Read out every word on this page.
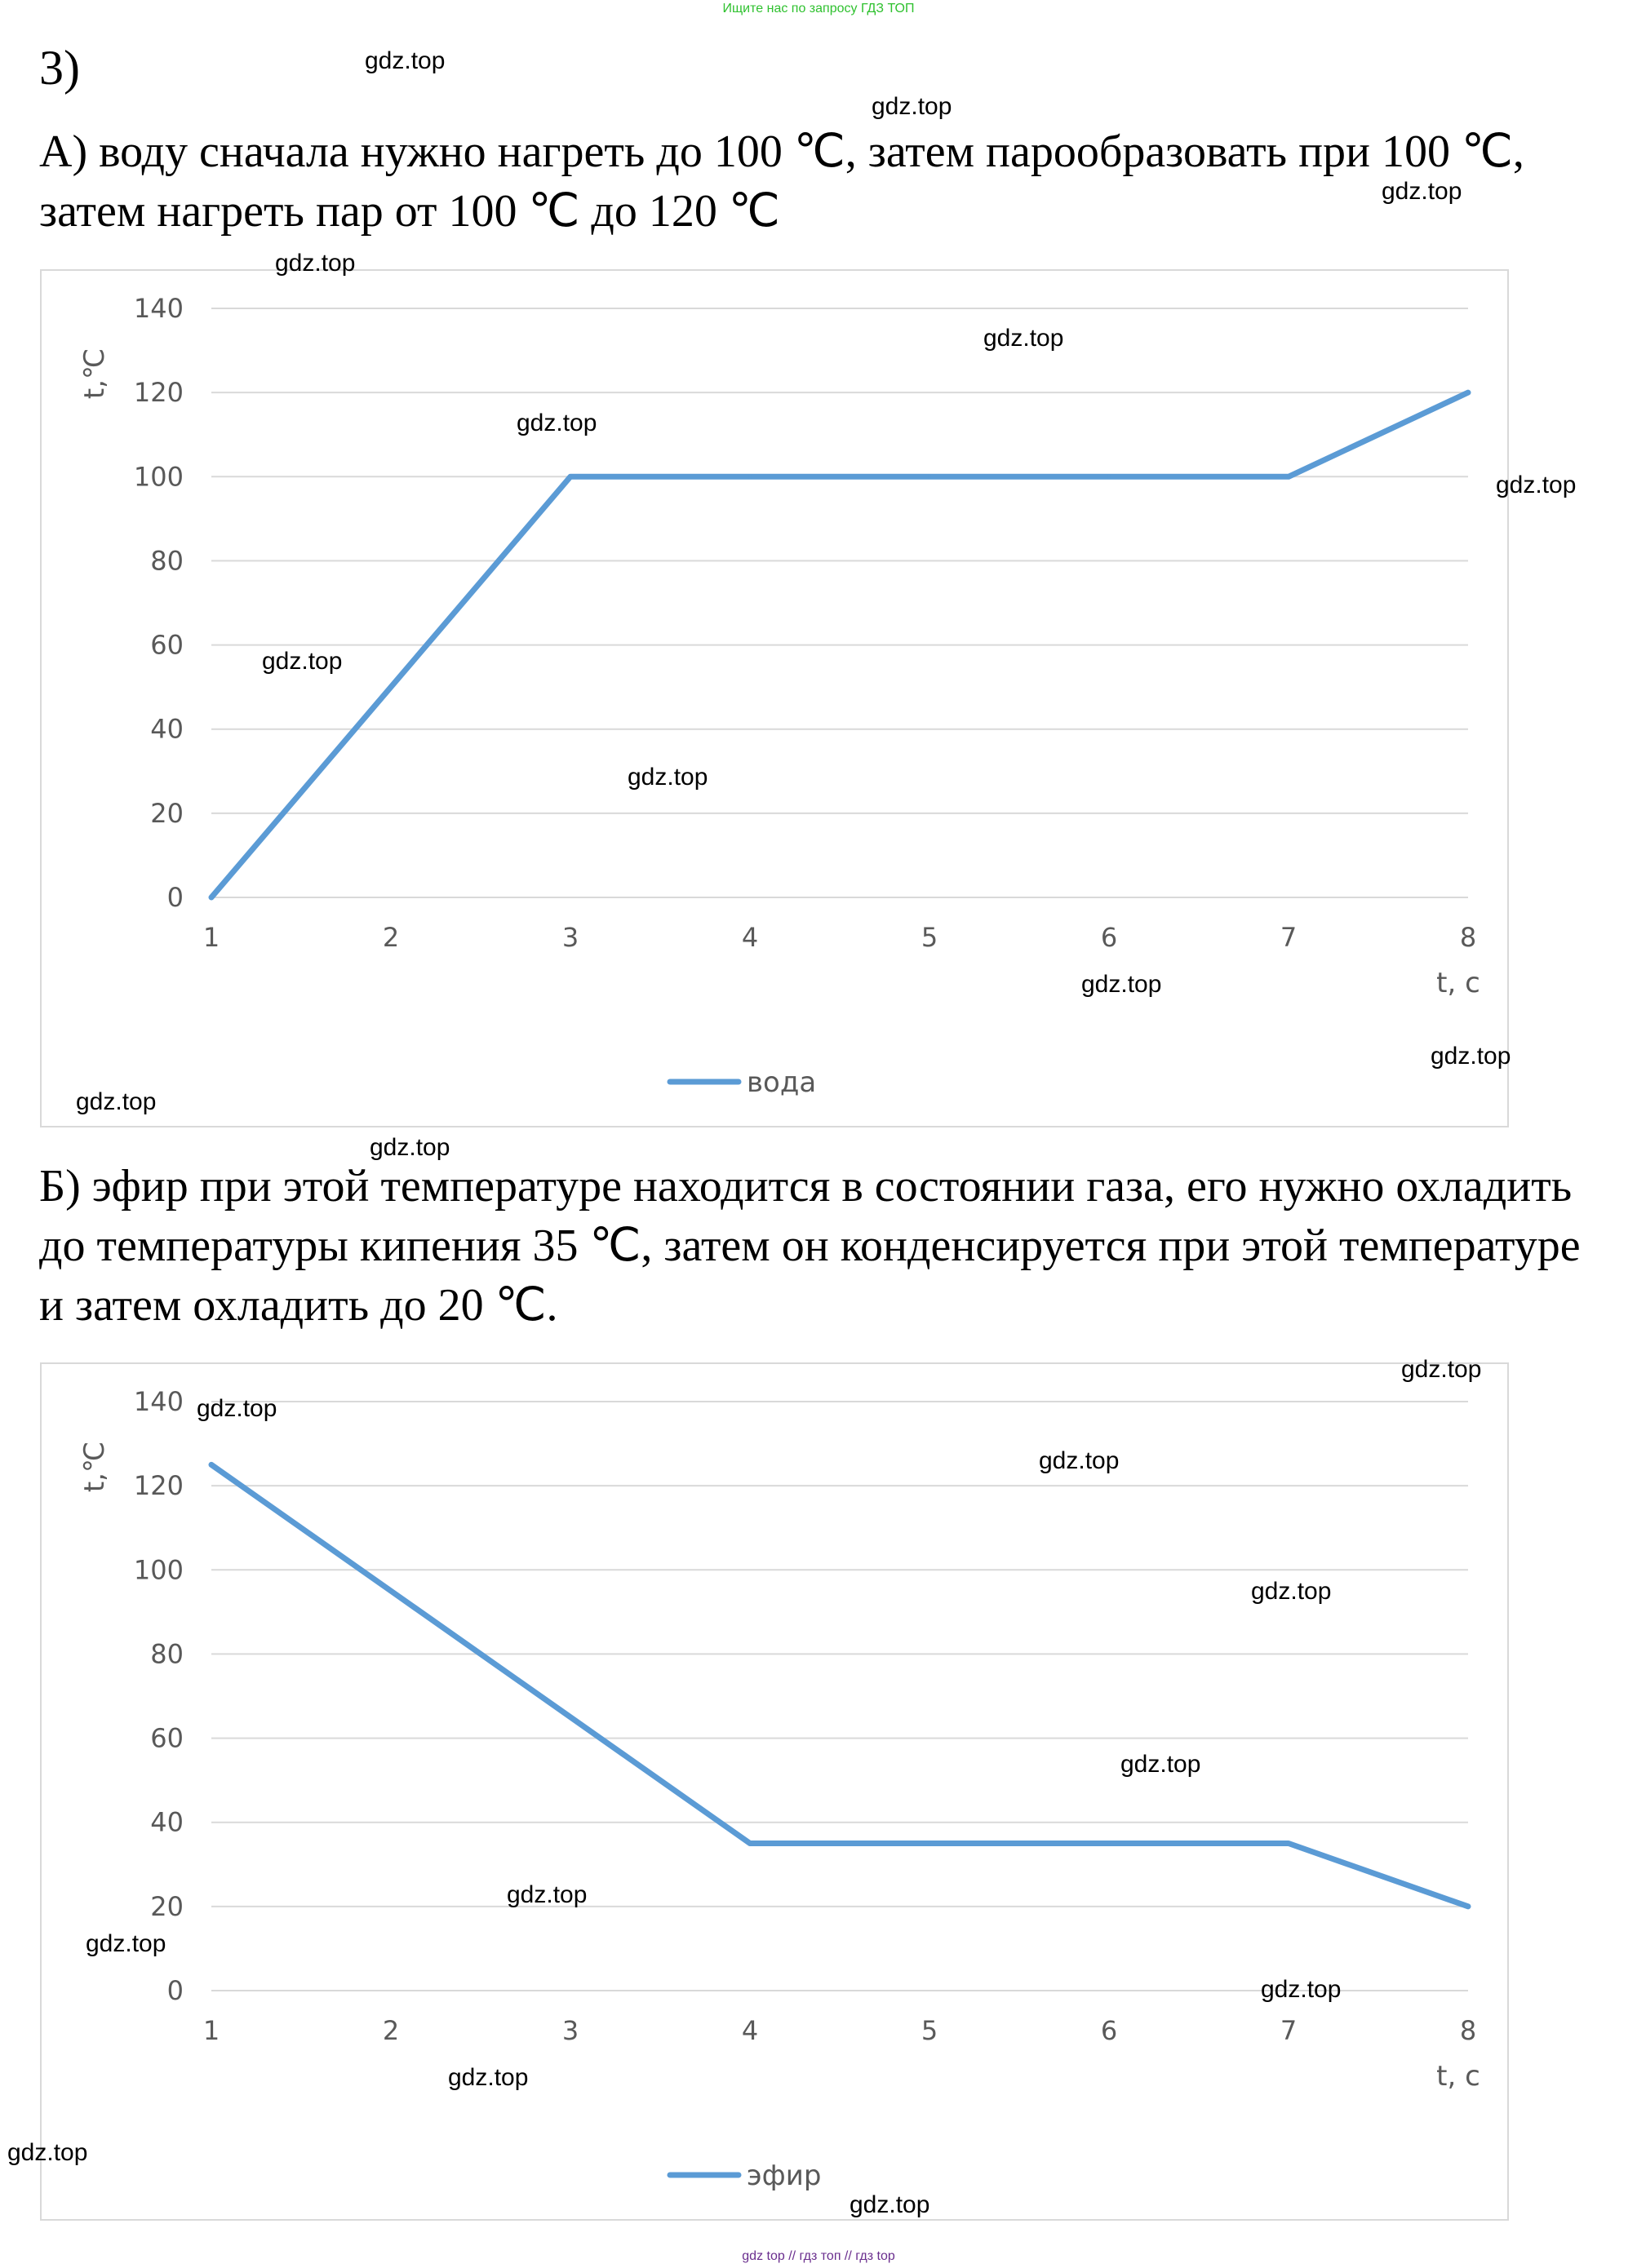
Ищите нас по запросу ГДЗ ТОП
3)

А) воду сначала нужно нагреть до 100 ℃, затем парообразовать при 100 ℃, затем нагреть пар от 100 ℃ до 120 ℃

0
20
40
60
80
100
120
140
1	2	3	4	5	6	7	8
t, с
t,℃
вода

Б) эфир при этой температуре находится в состоянии газа, его нужно охладить до температуры кипения 35 ℃, затем он конденсируется при этой температуре и затем охладить до 20 ℃.

0
20
40
60
80
100
120
140
1	2	3	4	5	6	7	8
t, с
t,℃
эфир
gdz.top
gdz.top
gdz.top
gdz.top
gdz.top
gdz.top
gdz.top
gdz.top
gdz.top
gdz.top
gdz.top
gdz.top
gdz.top
gdz.top
gdz.top
gdz.top
gdz.top
gdz.top
gdz.top
gdz.top
gdz.top
gdz.top
gdz.top
gdz.top
gdz top // гдз топ // гдз top
